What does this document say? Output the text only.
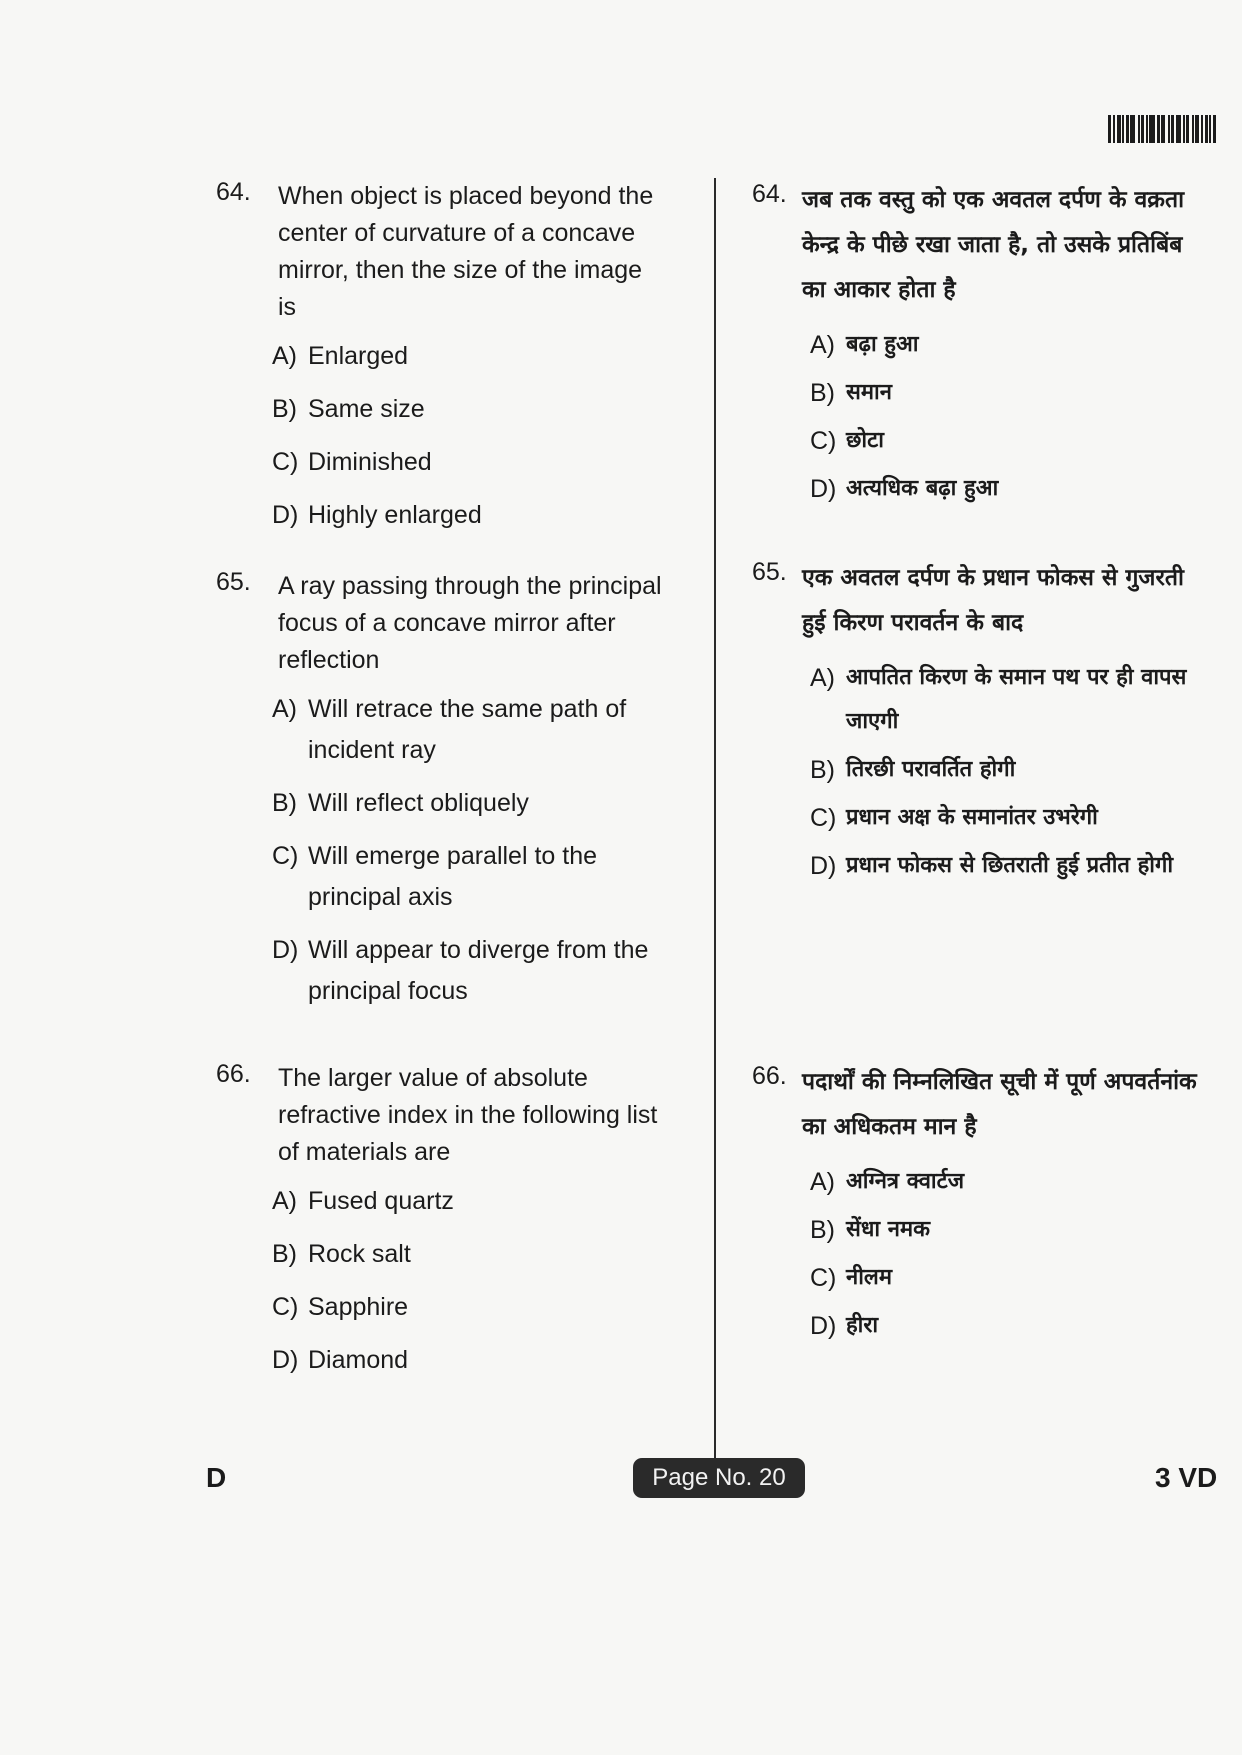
64. When object is placed beyond the center of curvature of a concave mirror, then the size of the image is
A) Enlarged
B) Same size
C) Diminished
D) Highly enlarged
65. A ray passing through the principal focus of a concave mirror after reflection
A) Will retrace the same path of incident ray
B) Will reflect obliquely
C) Will emerge parallel to the principal axis
D) Will appear to diverge from the principal focus
66. The larger value of absolute refractive index in the following list of materials are
A) Fused quartz
B) Rock salt
C) Sapphire
D) Diamond
64. जब तक वस्तु को एक अवतल दर्पण के वक्रता केन्द्र के पीछे रखा जाता है, तो उसके प्रतिबिंब का आकार होता है
A) बढ़ा हुआ
B) समान
C) छोटा
D) अत्यधिक बढ़ा हुआ
65. एक अवतल दर्पण के प्रधान फोकस से गुजरती हुई किरण परावर्तन के बाद
A) आपतित किरण के समान पथ पर ही वापस जाएगी
B) तिरछी परावर्तित होगी
C) प्रधान अक्ष के समानांतर उभरेगी
D) प्रधान फोकस से छितराती हुई प्रतीत होगी
66. पदार्थों की निम्नलिखित सूची में पूर्ण अपवर्तनांक का अधिकतम मान है
A) अग्नित्र क्वार्टज
B) सेंधा नमक
C) नीलम
D) हीरा
D	Page No. 20	3 VD
